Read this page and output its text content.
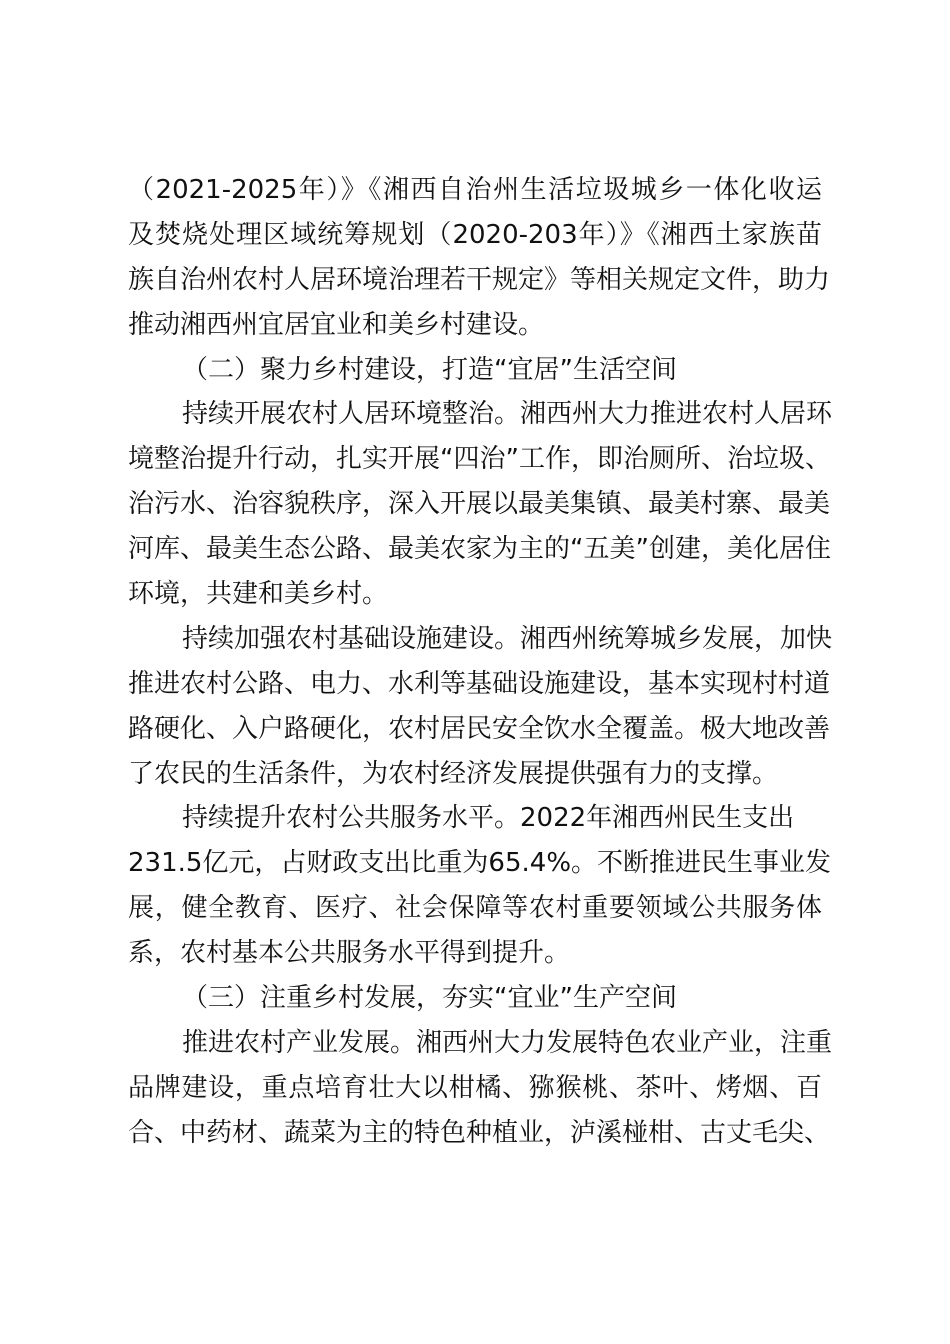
（2021-2025年）》《湘西自治州生活垃圾城乡一体化收运
及焚烧处理区域统筹规划（2020-203年）》《湘西土家族苗
族自治州农村人居环境治理若干规定》等相关规定文件，助力
推动湘西州宜居宜业和美乡村建设。
（二）聚力乡村建设，打造“宜居”生活空间
持续开展农村人居环境整治。湘西州大力推进农村人居环
境整治提升行动，扎实开展“四治”工作，即治厕所、治垃圾、
治污水、治容貌秩序，深入开展以最美集镇、最美村寨、最美
河库、最美生态公路、最美农家为主的“五美”创建，美化居住
环境，共建和美乡村。
持续加强农村基础设施建设。湘西州统筹城乡发展，加快
推进农村公路、电力、水利等基础设施建设，基本实现村村道
路硬化、入户路硬化，农村居民安全饮水全覆盖。极大地改善
了农民的生活条件，为农村经济发展提供强有力的支撑。
持续提升农村公共服务水平。2022年湘西州民生支出
231.5亿元，占财政支出比重为65.4%。不断推进民生事业发
展，健全教育、医疗、社会保障等农村重要领域公共服务体
系，农村基本公共服务水平得到提升。
（三）注重乡村发展，夯实“宜业”生产空间
推进农村产业发展。湘西州大力发展特色农业产业，注重
品牌建设，重点培育壮大以柑橘、猕猴桃、茶叶、烤烟、百
合、中药材、蔬菜为主的特色种植业，泸溪椪柑、古丈毛尖、
